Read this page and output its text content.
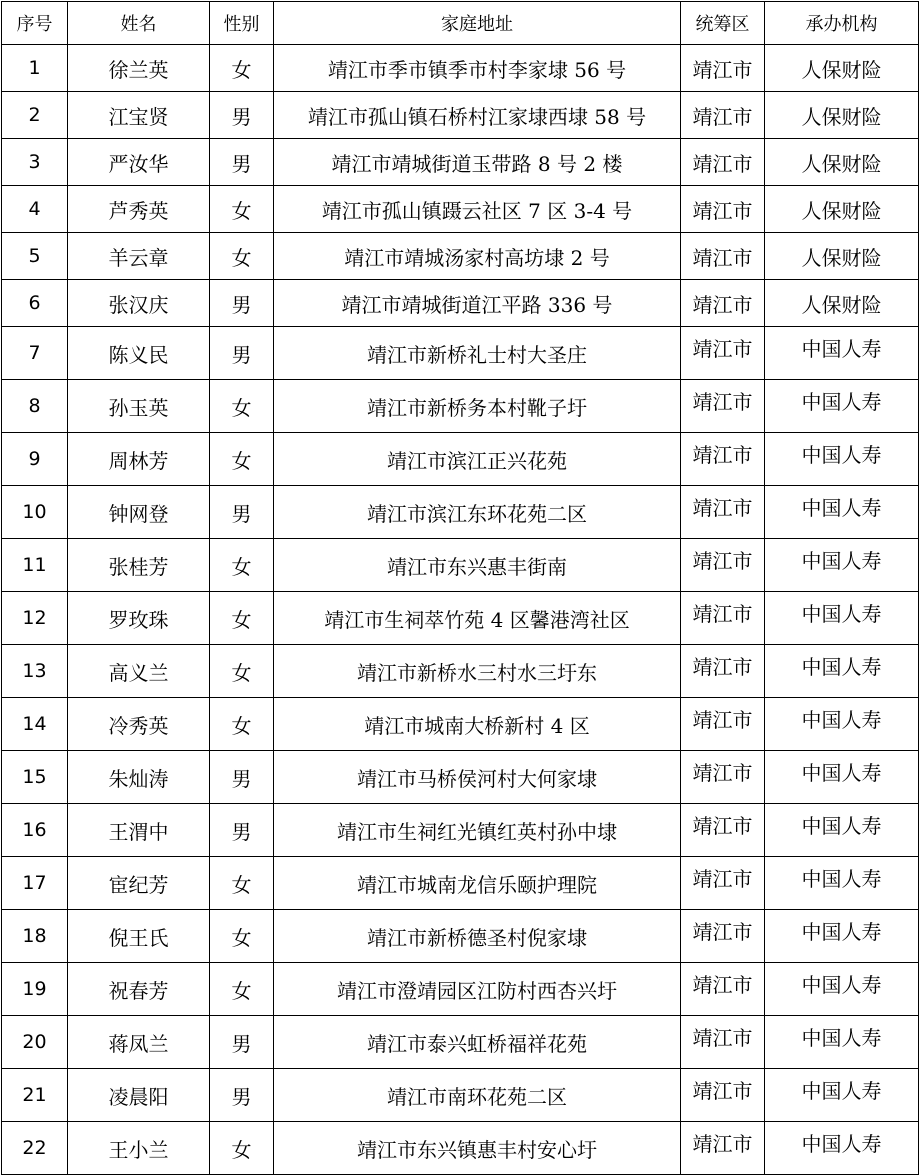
序号	姓名	性别	家庭地址	统筹区	承办机构
1	徐兰英	女	靖江市季市镇季市村李家埭 56 号	靖江市	人保财险
2	江宝贤	男	靖江市孤山镇石桥村江家埭西埭 58 号	靖江市	人保财险
3	严汝华	男	靖江市靖城街道玉带路 8 号 2 楼	靖江市	人保财险
4	芦秀英	女	靖江市孤山镇蹑云社区 7 区 3-4 号	靖江市	人保财险
5	羊云章	女	靖江市靖城汤家村高坊埭 2 号	靖江市	人保财险
6	张汉庆	男	靖江市靖城街道江平路 336 号	靖江市	人保财险
7	陈义民	男	靖江市新桥礼士村大圣庄	靖江市	中国人寿
8	孙玉英	女	靖江市新桥务本村靴子圩	靖江市	中国人寿
9	周林芳	女	靖江市滨江正兴花苑	靖江市	中国人寿
10	钟网登	男	靖江市滨江东环花苑二区	靖江市	中国人寿
11	张桂芳	女	靖江市东兴惠丰街南	靖江市	中国人寿
12	罗玫珠	女	靖江市生祠萃竹苑 4 区馨港湾社区	靖江市	中国人寿
13	高义兰	女	靖江市新桥水三村水三圩东	靖江市	中国人寿
14	冷秀英	女	靖江市城南大桥新村 4 区	靖江市	中国人寿
15	朱灿涛	男	靖江市马桥侯河村大何家埭	靖江市	中国人寿
16	王渭中	男	靖江市生祠红光镇红英村孙中埭	靖江市	中国人寿
17	宦纪芳	女	靖江市城南龙信乐颐护理院	靖江市	中国人寿
18	倪王氏	女	靖江市新桥德圣村倪家埭	靖江市	中国人寿
19	祝春芳	女	靖江市澄靖园区江防村西杏兴圩	靖江市	中国人寿
20	蒋凤兰	男	靖江市泰兴虹桥福祥花苑	靖江市	中国人寿
21	凌晨阳	男	靖江市南环花苑二区	靖江市	中国人寿
22	王小兰	女	靖江市东兴镇惠丰村安心圩	靖江市	中国人寿
